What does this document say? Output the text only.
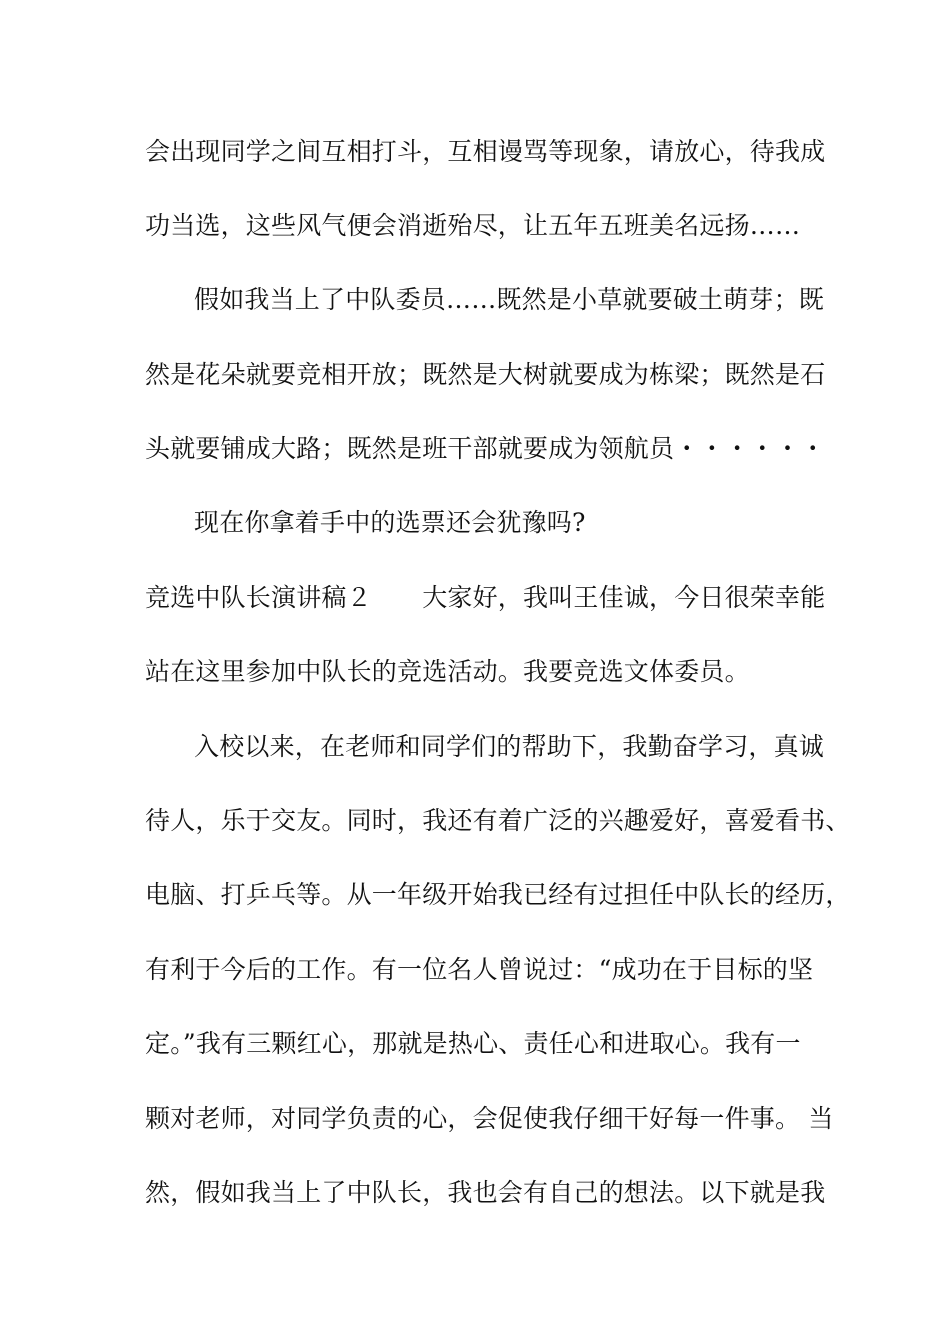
会出现同学之间互相打斗，互相谩骂等现象，请放心，待我成
功当选，这些风气便会消逝殆尽，让五年五班美名远扬……
假如我当上了中队委员……既然是小草就要破土萌芽；既
然是花朵就要竞相开放；既然是大树就要成为栋梁；既然是石
头就要铺成大路；既然是班干部就要成为领航员・・・・・・
现在你拿着手中的选票还会犹豫吗?
竞选中队长演讲稿２　　大家好，我叫王佳诚，今日很荣幸能
站在这里参加中队长的竞选活动。我要竞选文体委员。
入校以来，在老师和同学们的帮助下，我勤奋学习，真诚
待人，乐于交友。同时，我还有着广泛的兴趣爱好，喜爱看书、
电脑、打乒乓等。从一年级开始我已经有过担任中队长的经历，
有利于今后的工作。有一位名人曾说过：“成功在于目标的坚
定。”我有三颗红心，那就是热心、责任心和进取心。我有一
颗对老师，对同学负责的心，会促使我仔细干好每一件事。 当
然，假如我当上了中队长，我也会有自己的想法。以下就是我
